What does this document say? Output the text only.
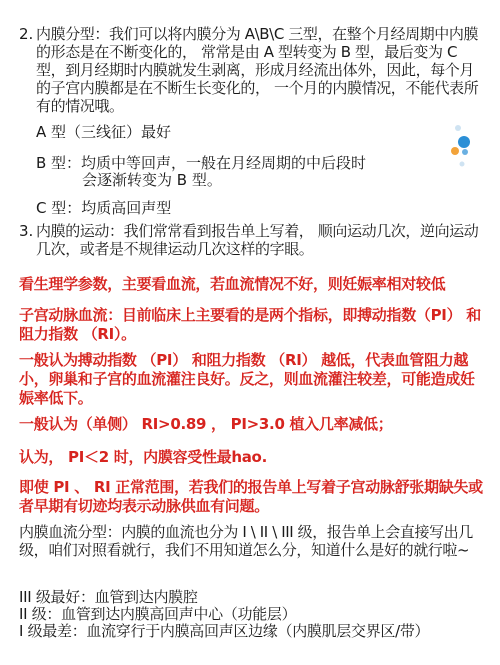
2. 内膜分型：我们可以将内膜分为 A\B\C 三型，在整个月经周期中内膜的形态是在不断变化的， 常常是由 A 型转变为 B 型，最后变为 C 型，到月经期时内膜就发生剥离，形成月经流出体外，因此，每个月的子宫内膜都是在不断生长变化的， 一个月的内膜情况，不能代表所有的情况哦。

A 型（三线征）最好

B 型：均质中等回声，一般在月经周期的中后段时

会逐渐转变为 B 型。

C 型：均质高回声型

3. 内膜的运动：我们常常看到报告单上写着， 顺向运动几次，逆向运动几次，或者是不规律运动几次这样的字眼。

看生理学参数，主要看血流，若血流情况不好，则妊娠率相对较低

子宫动脉血流：目前临床上主要看的是两个指标，即搏动指数（PI） 和阻力指数 （RI）。

一般认为搏动指数 （PI） 和阻力指数 （RI） 越低，代表血管阻力越小，卵巢和子宫的血流灌注良好。反之，则血流灌注较差，可能造成妊娠率低下。

一般认为（单侧） RI>0.89 ， PI>3.0 植入几率减低；

认为， PI＜2 时，内膜容受性最hao.

即使 PI 、 RI 正常范围，若我们的报告单上写着子宫动脉舒张期缺失或者早期有切迹均表示动脉供血有问题。

内膜血流分型：内膜的血流也分为 I \ II \ III 级，报告单上会直接写出几级，咱们对照看就行，我们不用知道怎么分，知道什么是好的就行啦~

III 级最好：血管到达内膜腔

II 级：血管到达内膜高回声中心（功能层）

I 级最差：血流穿行于内膜高回声区边缘（内膜肌层交界区/带）
